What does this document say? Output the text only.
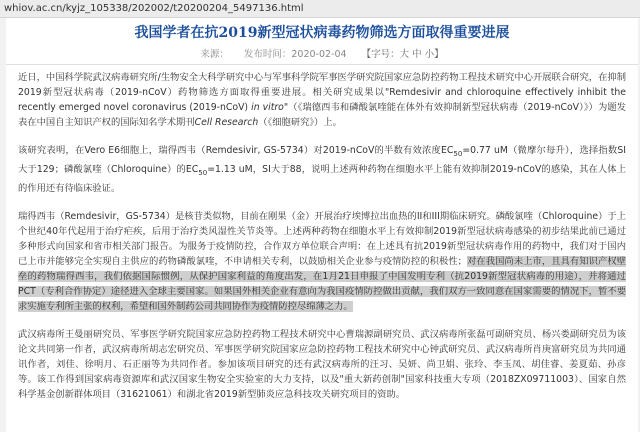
whiov.ac.cn/kyjz_105338/202002/t20200204_5497136.html
我国学者在抗2019新型冠状病毒药物筛选方面取得重要进展
来源： 发布时间：2020-02-04 【字号：大 中 小】

近日，中国科学院武汉病毒研究所/生物安全大科学研究中心与军事科学院军事医学研究院国家应急防控药物工程技术研究中心开展联合研究，在抑制2019新型冠状病毒（2019-nCoV）药物筛选方面取得重要进展。相关研究成果以"Remdesivir and chloroquine effectively inhibit the recently emerged novel coronavirus (2019-nCoV) in vitro"（《瑞德西韦和磷酸氯喹能在体外有效抑制新型冠状病毒（2019-nCoV）》）为题发表在中国自主知识产权的国际知名学术期刊Cell Research（《细胞研究》）上。

该研究表明，在Vero E6细胞上，瑞得西韦（Remdesivir, GS-5734）对2019-nCoV的半数有效浓度$EC_{50}=0.77$ uM（微摩尔每升），选择指数SI大于129；磷酸氯喹（Chloroquine）的$EC_{50}=1.13$ uM，SI大于88，说明上述两种药物在细胞水平上能有效抑制2019-nCoV的感染，其在人体上的作用还有待临床验证。

瑞得西韦（Remdesivir，GS-5734）是核苷类似物，目前在刚果（金）开展治疗埃博拉出血热的II和III期临床研究。磷酸氯喹（Chloroquine）于上个世纪40年代起用于治疗疟疾，后用于治疗类风湿性关节炎等。上述两种药物在细胞水平上有效抑制2019新型冠状病毒感染的初步结果此前已通过多种形式向国家和省市相关部门报告。为服务于疫情防控，合作双方单位联合声明：在上述具有抗2019新型冠状病毒作用的药物中，我们对于国内已上市并能够完全实现自主供应的药物磷酸氯喹，不申请相关专利，以鼓励相关企业参与疫情防控的积极性；对在我国尚未上市，且具有知识产权壁垒的药物瑞得西韦，我们依据国际惯例，从保护国家利益的角度出发，在1月21日申报了中国发明专利（抗2019新型冠状病毒的用途），并将通过PCT（专利合作协定）途径进入全球主要国家。如果国外相关企业有意向为我国疫情防控做出贡献，我们双方一致同意在国家需要的情况下，暂不要求实施专利所主张的权利，希望和国外制药公司共同协作为疫情防控尽绵薄之力。

武汉病毒所王曼丽研究员、军事医学研究院国家应急防控药物工程技术研究中心曹瑞源副研究员、武汉病毒所张磊可副研究员、杨兴娄副研究员为该论文共同第一作者，武汉病毒所胡志宏研究员、军事医学研究院国家应急防控药物工程技术研究中心钟武研究员、武汉病毒所肖庚富研究员为共同通讯作者，刘佳、徐明月、石正丽等为共同作者。参加该项目研究的还有武汉病毒所的汪习、吴妍、尚卫娟、张玲、李玉凤、胡佳睿、姜夏茹、孙彦等。该工作得到国家病毒资源库和武汉国家生物安全实验室的大力支持，以及"重大新药创制"国家科技重大专项（2018ZX09711003）、国家自然科学基金创新群体项目（31621061）和湖北省2019新型肺炎应急科技攻关研究项目的资助。
